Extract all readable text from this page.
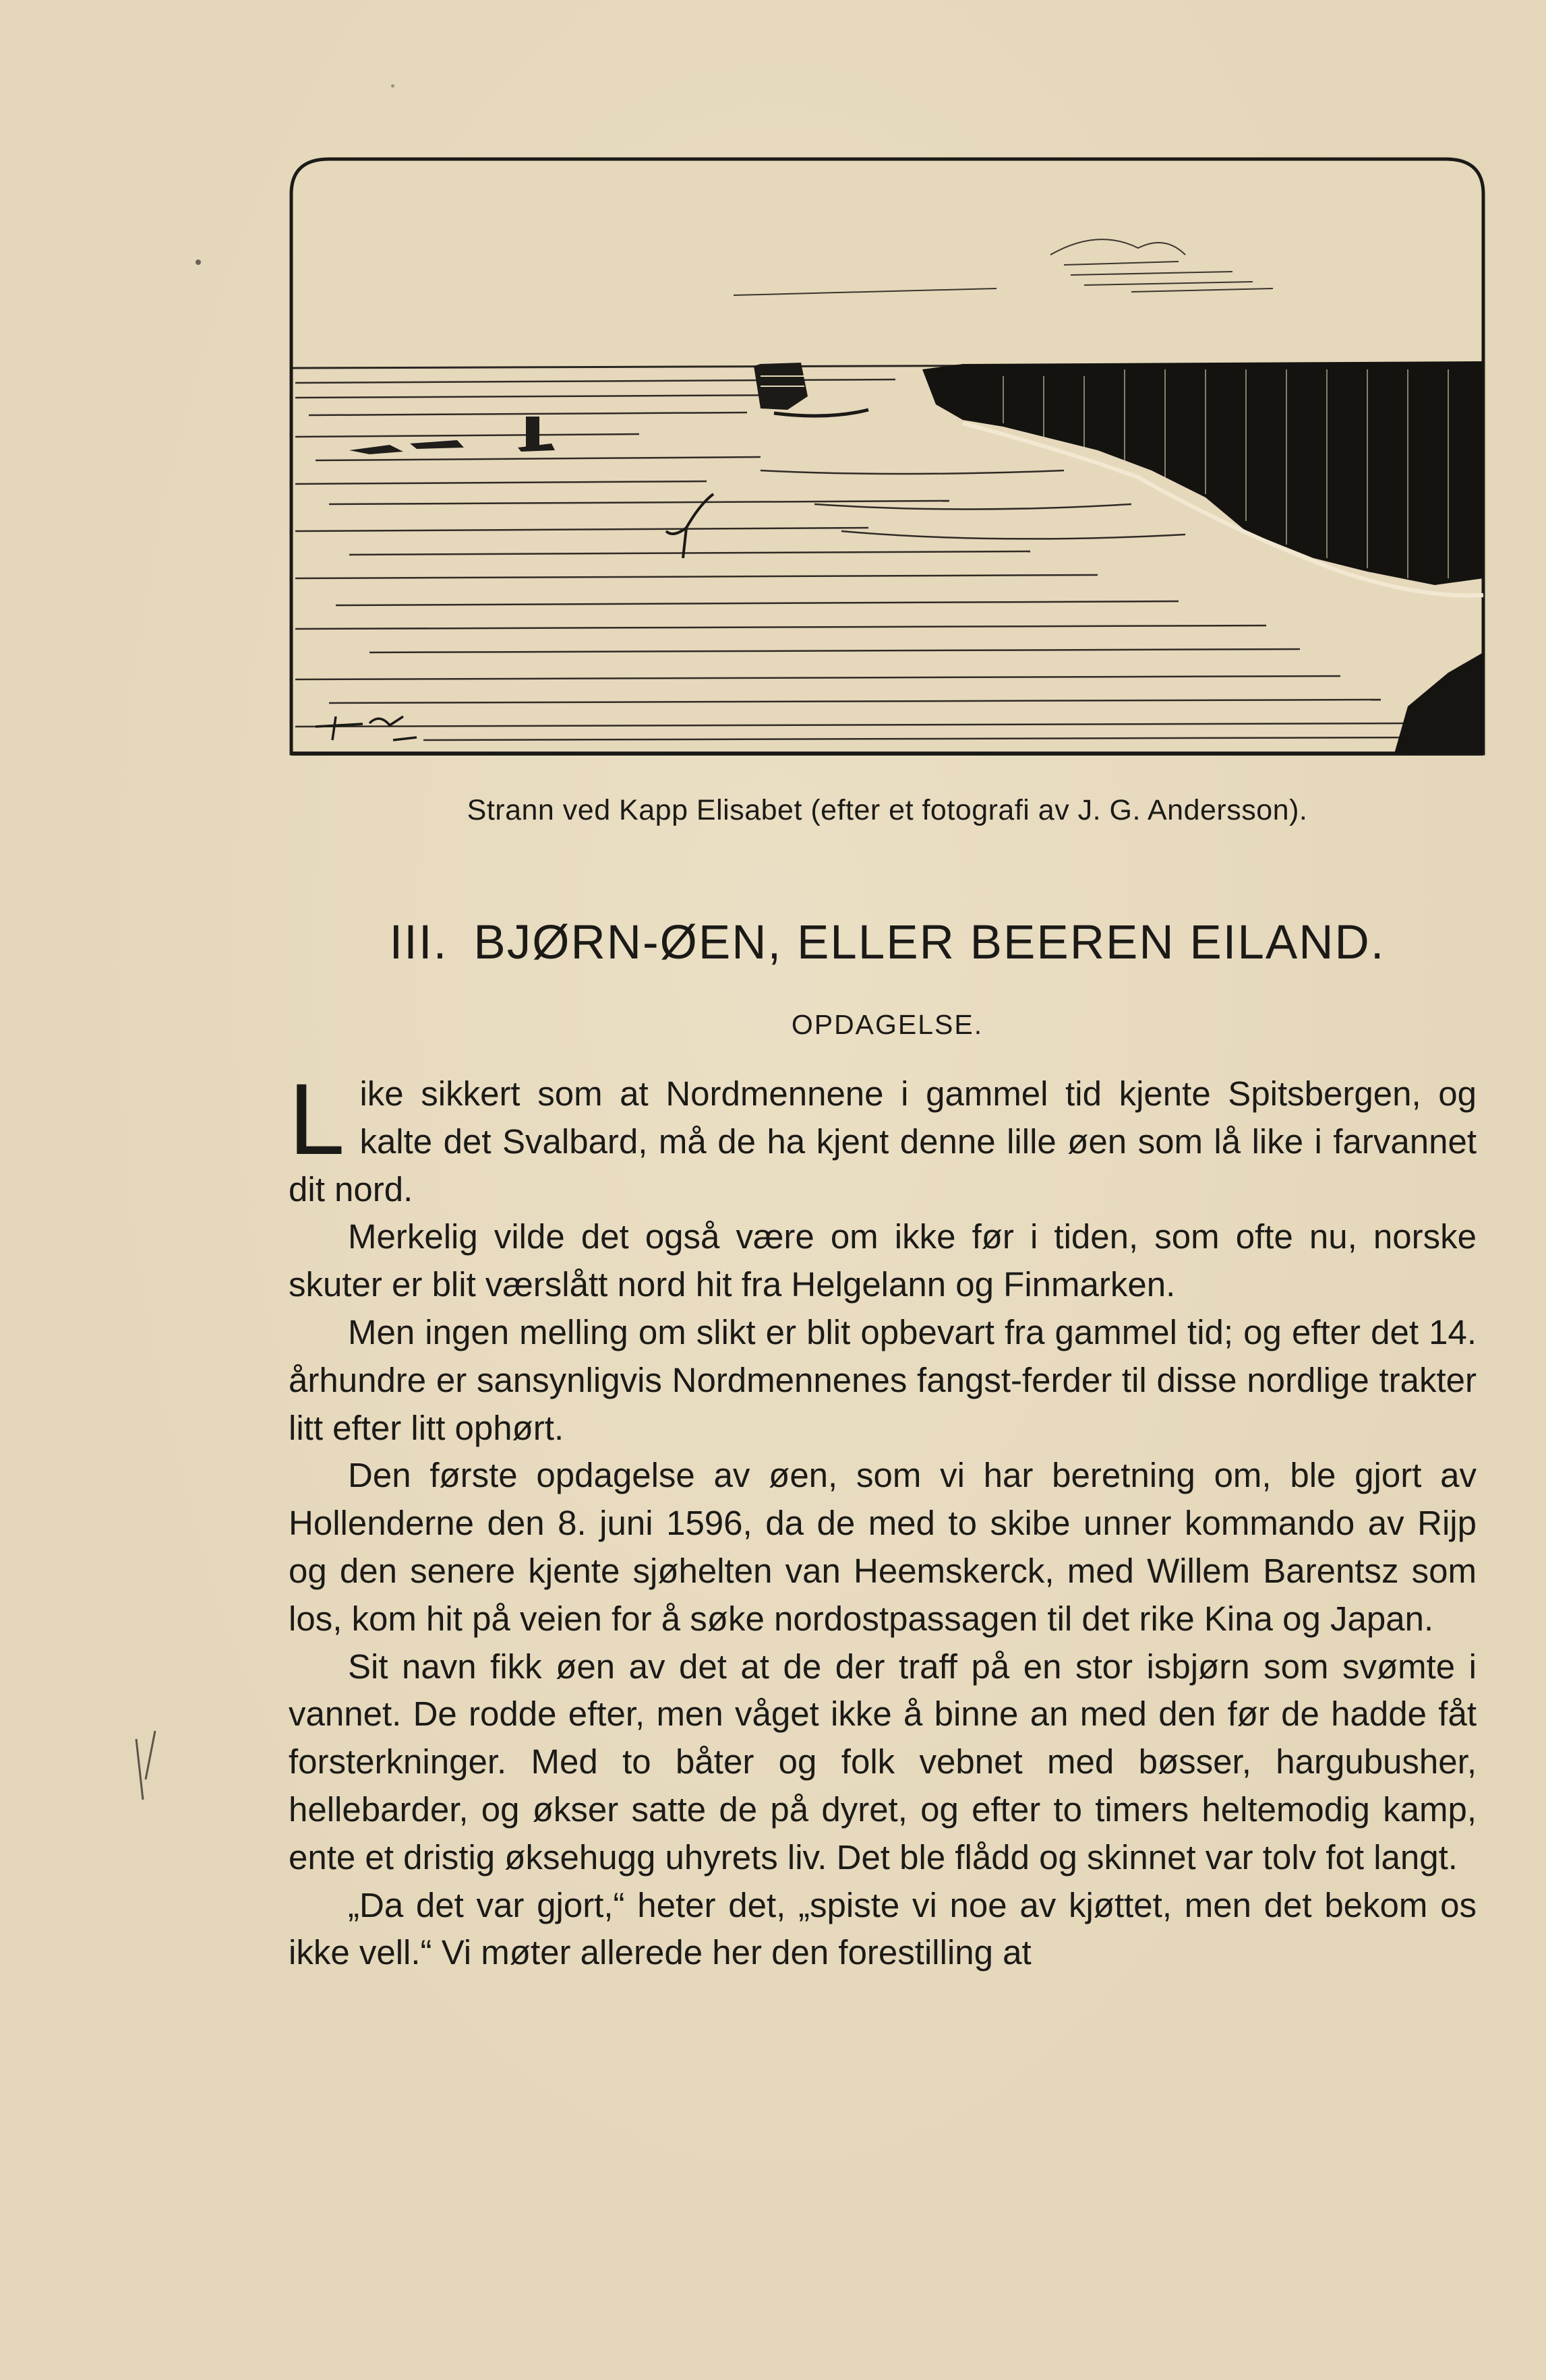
Strann ved Kapp Elisabet (efter et fotografi av J. G. Andersson).
III. BJØRN-ØEN, ELLER BEEREN EILAND.
OPDAGELSE.

Like sikkert som at Nordmennene i gammel tid kjente Spitsbergen, og kalte det Svalbard, må de ha kjent denne lille øen som lå like i farvannet dit nord.

Merkelig vilde det også være om ikke før i tiden, som ofte nu, norske skuter er blit værslått nord hit fra Helgelann og Finmarken.

Men ingen melling om slikt er blit opbevart fra gammel tid; og efter det 14. århundre er sansynligvis Nordmennenes fangst-ferder til disse nordlige trakter litt efter litt ophørt.

Den første opdagelse av øen, som vi har beretning om, ble gjort av Hollenderne den 8. juni 1596, da de med to skibe unner kommando av Rijp og den senere kjente sjøhelten van Heemskerck, med Willem Barentsz som los, kom hit på veien for å søke nordostpassagen til det rike Kina og Japan.

Sit navn fikk øen av det at de der traff på en stor isbjørn som svømte i vannet. De rodde efter, men våget ikke å binne an med den før de hadde fåt forsterkninger. Med to båter og folk vebnet med bøsser, hargubusher, hellebarder, og økser satte de på dyret, og efter to timers heltemodig kamp, ente et dristig øksehugg uhyrets liv. Det ble flådd og skinnet var tolv fot langt.

„Da det var gjort,“ heter det, „spiste vi noe av kjøttet, men det bekom os ikke vell.“ Vi møter allerede her den forestilling at
